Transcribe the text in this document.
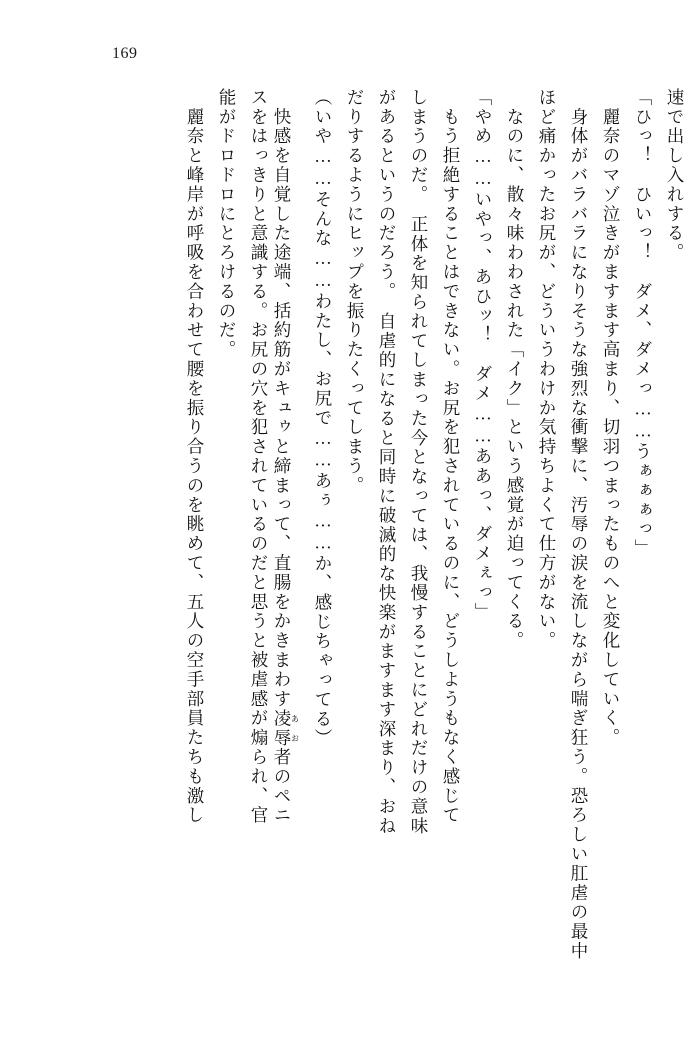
169
速で出し入れする。
「ひっ！　ひいっ！　ダメ、ダメっ……うぁぁぁっ」
　麗奈のマゾ泣きがますます高まり、切羽つまったものへと変化していく。
　身体がバラバラになりそうな強烈な衝撃に、汚辱の涙を流しながら喘ぎ狂う。恐ろしい肛虐の最中
ほど痛かったお尻が、どういうわけか気持ちよくて仕方がない。
　なのに、散々味わわされた「イク」という感覚が迫ってくる。
「やめ……いやっ、あひッ！　ダメ……ああっ、ダメぇっ」
　もう拒絶することはできない。お尻を犯されているのに、どうしようもなく感じて
しまうのだ。　正体を知られてしまった今となっては、我慢することにどれだけの意味
があるというのだろう。　自虐的になると同時に破滅的な快楽がますます深まり、おね
だりするようにヒップを振りたくってしまう。
（いや……そんな……わたし、お尻で……あぅ……か、感じちゃってる）
　快感を自覚した途端、括約筋がキュゥと締まって、直腸をかきまわす凌辱あお者のペニ
スをはっきりと意識する。お尻の穴を犯されているのだと思うと被虐感が煽られ、官
能がドロドロにとろけるのだ。
　麗奈と峰岸が呼吸を合わせて腰を振り合うのを眺めて、五人の空手部員たちも激し
